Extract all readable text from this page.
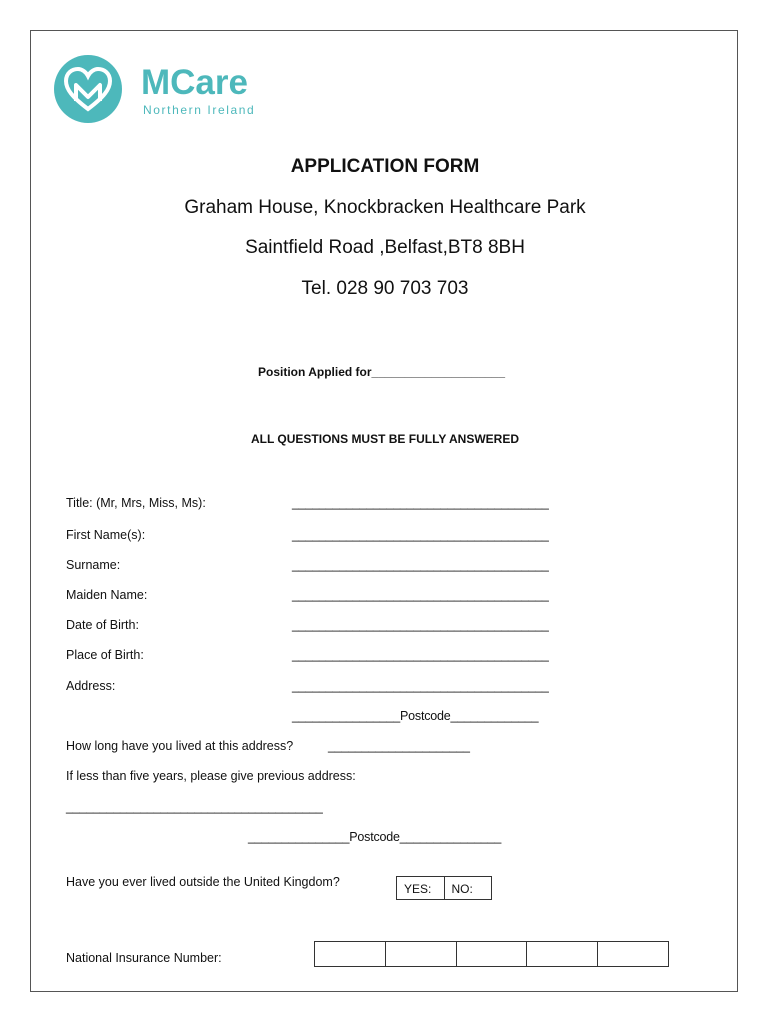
MCare
Northern Ireland
APPLICATION FORM
Graham House, Knockbracken Healthcare Park
Saintfield Road ,Belfast,BT8 8BH
Tel. 028 90 703 703
Position Applied for____________________
ALL QUESTIONS MUST BE FULLY ANSWERED
Title: (Mr, Mrs, Miss, Ms):	______________________________________
First Name(s):	______________________________________
Surname:	______________________________________
Maiden Name:	______________________________________
Date of Birth:	______________________________________
Place of Birth:	______________________________________
Address:	______________________________________
________________Postcode_____________
How long have you lived at this address?	_____________________
If less than five years, please give previous address:
______________________________________
_______________Postcode_______________
Have you ever lived outside the United Kingdom?	YES:	NO:
National Insurance Number:
